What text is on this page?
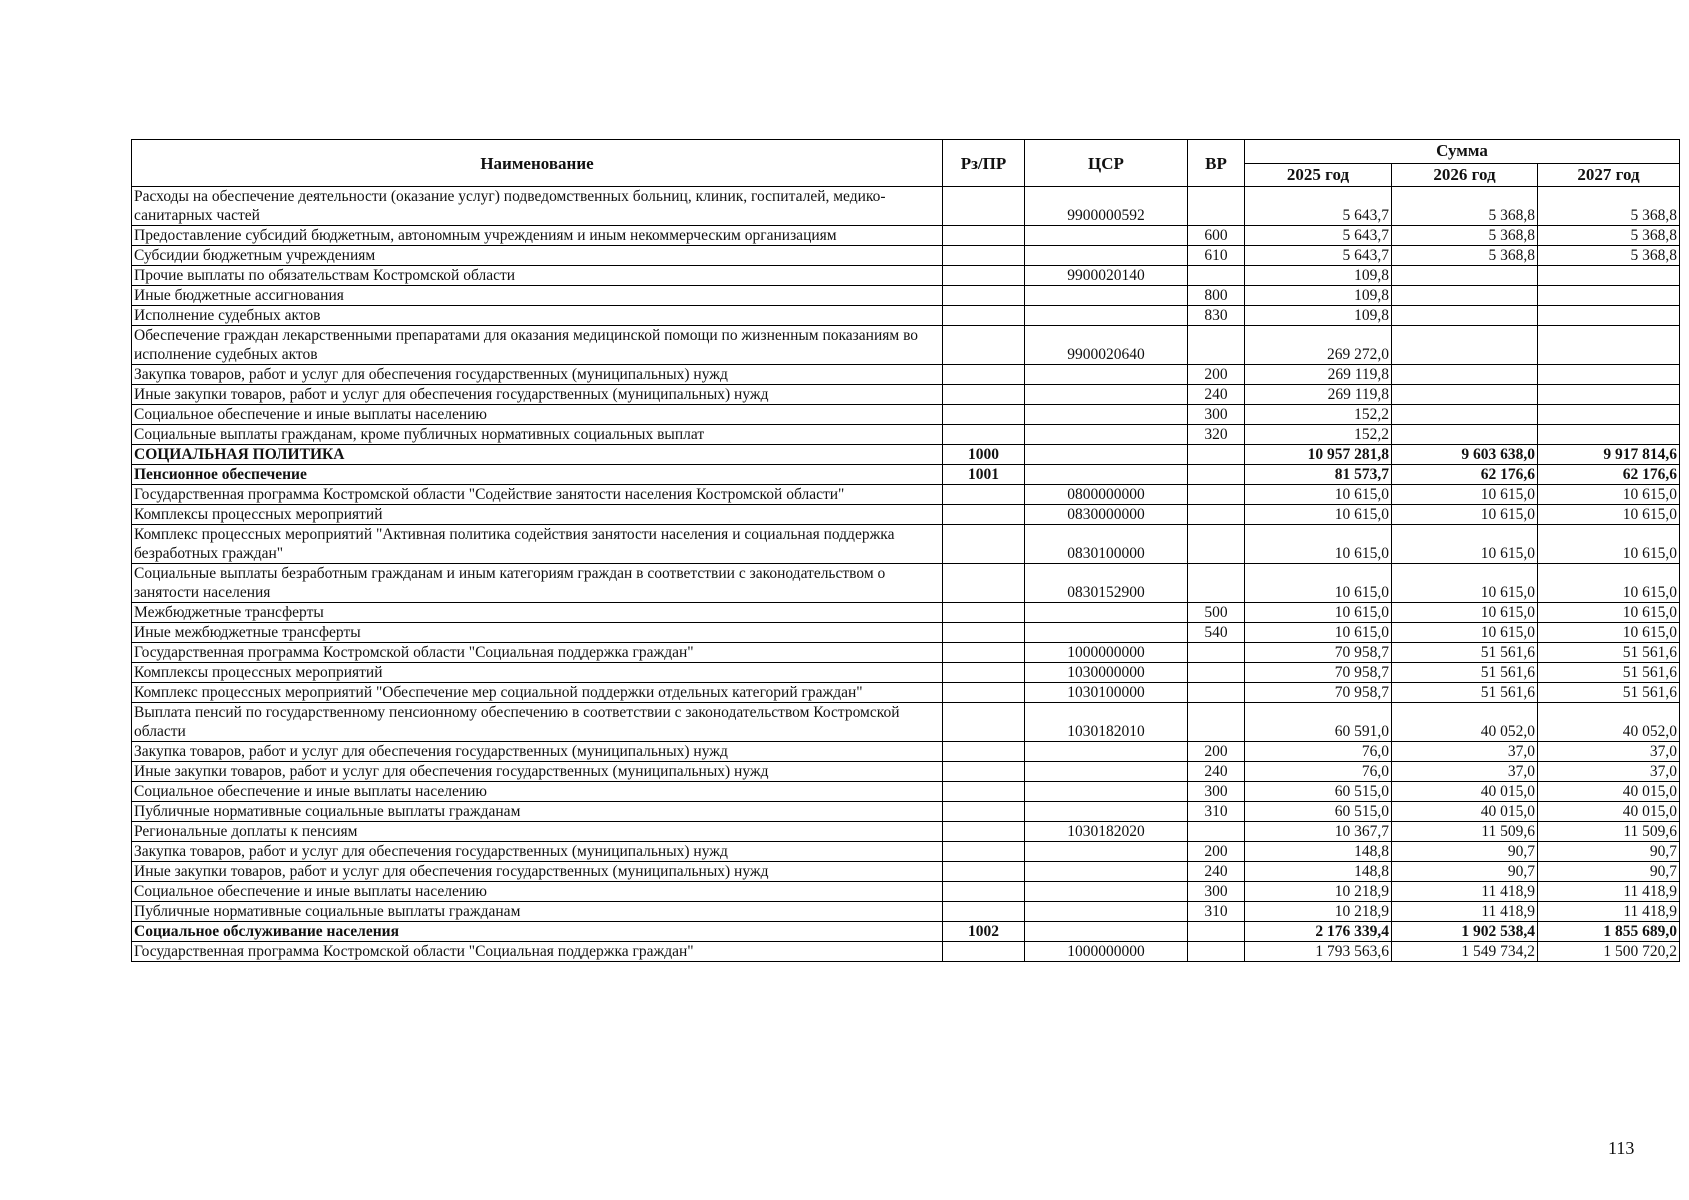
Наименование	Рз/ПР	ЦСР	ВР	Сумма		
				2025 год	2026 год	2027 год
Расходы на обеспечение деятельности (оказание услуг) подведомственных больниц, клиник, госпиталей, медико-санитарных частей		9900000592		5 643,7	5 368,8	5 368,8
Предоставление субсидий бюджетным, автономным учреждениям и иным некоммерческим организациям			600	5 643,7	5 368,8	5 368,8
Субсидии бюджетным учреждениям			610	5 643,7	5 368,8	5 368,8
Прочие выплаты по обязательствам Костромской области		9900020140		109,8		
Иные бюджетные ассигнования			800	109,8		
Исполнение судебных актов			830	109,8		
Обеспечение граждан лекарственными препаратами для оказания медицинской помощи по жизненным показаниям во исполнение судебных актов		9900020640		269 272,0		
Закупка товаров, работ и услуг для обеспечения государственных (муниципальных) нужд			200	269 119,8		
Иные закупки товаров, работ и услуг для обеспечения государственных (муниципальных) нужд			240	269 119,8		
Социальное обеспечение и иные выплаты населению			300	152,2		
Социальные выплаты гражданам, кроме публичных нормативных социальных выплат			320	152,2		
СОЦИАЛЬНАЯ ПОЛИТИКА	1000			10 957 281,8	9 603 638,0	9 917 814,6
Пенсионное обеспечение	1001			81 573,7	62 176,6	62 176,6
Государственная программа Костромской области "Содействие занятости населения Костромской области"		0800000000		10 615,0	10 615,0	10 615,0
Комплексы процессных мероприятий		0830000000		10 615,0	10 615,0	10 615,0
Комплекс процессных мероприятий "Активная политика содействия занятости населения и социальная поддержка безработных граждан"		0830100000		10 615,0	10 615,0	10 615,0
Социальные выплаты безработным гражданам и иным категориям граждан в соответствии с законодательством о занятости населения		0830152900		10 615,0	10 615,0	10 615,0
Межбюджетные трансферты			500	10 615,0	10 615,0	10 615,0
Иные межбюджетные трансферты			540	10 615,0	10 615,0	10 615,0
Государственная программа Костромской области "Социальная поддержка граждан"		1000000000		70 958,7	51 561,6	51 561,6
Комплексы процессных мероприятий		1030000000		70 958,7	51 561,6	51 561,6
Комплекс процессных мероприятий "Обеспечение мер социальной поддержки отдельных категорий граждан"		1030100000		70 958,7	51 561,6	51 561,6
Выплата пенсий по государственному пенсионному обеспечению в соответствии с законодательством Костромской области		1030182010		60 591,0	40 052,0	40 052,0
Закупка товаров, работ и услуг для обеспечения государственных (муниципальных) нужд			200	76,0	37,0	37,0
Иные закупки товаров, работ и услуг для обеспечения государственных (муниципальных) нужд			240	76,0	37,0	37,0
Социальное обеспечение и иные выплаты населению			300	60 515,0	40 015,0	40 015,0
Публичные нормативные социальные выплаты гражданам			310	60 515,0	40 015,0	40 015,0
Региональные доплаты к пенсиям		1030182020		10 367,7	11 509,6	11 509,6
Закупка товаров, работ и услуг для обеспечения государственных (муниципальных) нужд			200	148,8	90,7	90,7
Иные закупки товаров, работ и услуг для обеспечения государственных (муниципальных) нужд			240	148,8	90,7	90,7
Социальное обеспечение и иные выплаты населению			300	10 218,9	11 418,9	11 418,9
Публичные нормативные социальные выплаты гражданам			310	10 218,9	11 418,9	11 418,9
Социальное обслуживание населения	1002			2 176 339,4	1 902 538,4	1 855 689,0
Государственная программа Костромской области "Социальная поддержка граждан"		1000000000		1 793 563,6	1 549 734,2	1 500 720,2
113
